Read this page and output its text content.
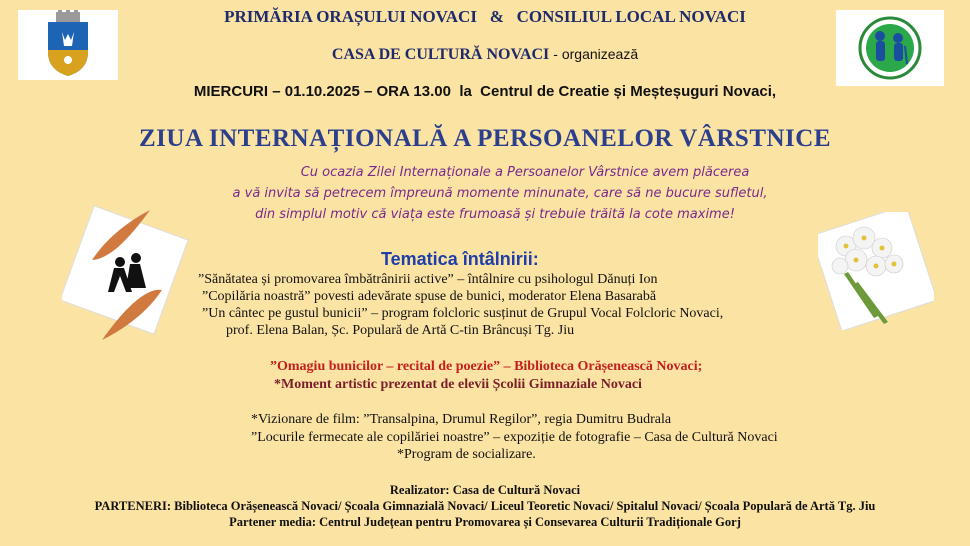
PRIMĂRIA ORAȘULUI NOVACI & CONSILIUL LOCAL NOVACI
CASA DE CULTURĂ NOVACI - organizează
MIERCURI – 01.10.2025 – ORA 13.00 la Centrul de Creatie și Meșteșuguri Novaci,
ZIUA INTERNAȚIONALĂ A PERSOANELOR VÂRSTNICE
Cu ocazia Zilei Internaționale a Persoanelor Vârstnice avem plăcerea
a vă invita să petrecem împreună momente minunate, care să ne bucure sufletul,
din simplul motiv că viața este frumoasă și trebuie trăită la cote maxime!
Tematica întâlnirii:
”Sănătatea și promovarea îmbătrânirii active” – întâlnire cu psihologul Dănuți Ion
”Copilăria noastră” povesti adevărate spuse de bunici, moderator Elena Basarabă
”Un cântec pe gustul bunicii” – program folcloric susținut de Grupul Vocal Folcloric Novaci,
prof. Elena Balan, Șc. Populară de Artă C-tin Brâncuși Tg. Jiu
”Omagiu bunicilor – recital de poezie” – Biblioteca Orășenească Novaci;
*Moment artistic prezentat de elevii Școlii Gimnaziale Novaci
*Vizionare de film: ”Transalpina, Drumul Regilor”, regia Dumitru Budrala
”Locurile fermecate ale copilăriei noastre” – expoziție de fotografie – Casa de Cultură Novaci
*Program de socializare.
Realizator: Casa de Cultură Novaci
PARTENERI: Biblioteca Orășenească Novaci/ Școala Gimnazială Novaci/ Liceul Teoretic Novaci/ Spitalul Novaci/ Școala Populară de Artă Tg. Jiu
Partener media: Centrul Județean pentru Promovarea și Consevarea Culturii Tradiționale Gorj
